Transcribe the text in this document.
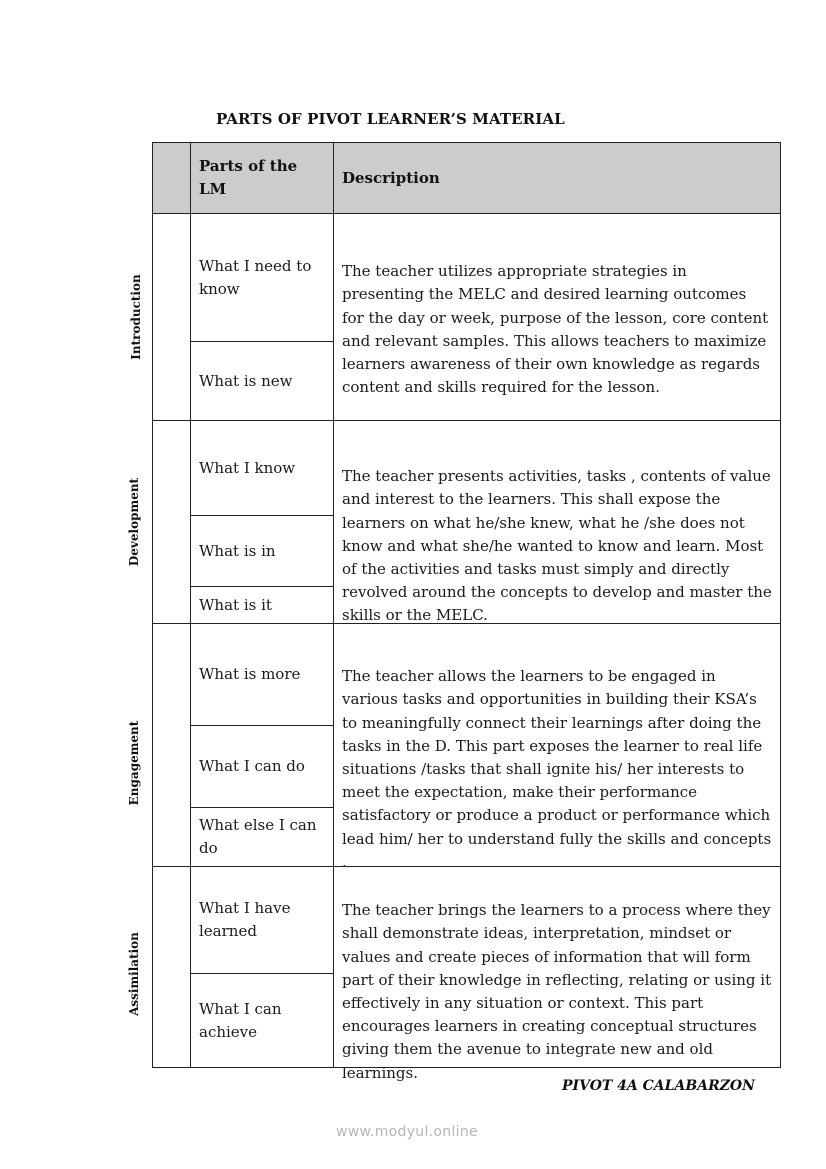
PARTS OF PIVOT LEARNER’S MATERIAL
Introduction
Development
Engagement
Assimilation
Parts of the LM
Description
What I need to know
What is new

The teacher utilizes appropriate strategies in presenting the MELC and desired learning outcomes for the day or week, purpose of the lesson, core content and relevant samples. This allows teachers to maximize learners awareness of their own knowledge as regards content and skills required for the lesson.

What I know
What is in
What is it

The teacher presents activities, tasks , contents of value and interest to the learners. This shall expose the learners on what he/she knew, what he /she does not know and what she/he wanted to know and learn. Most of the activities and tasks must simply and directly revolved around the concepts to develop and master the skills or the MELC.

What is more
What I can do
What else I can do

The teacher allows the learners to be engaged in various tasks and opportunities in building their KSA’s to meaningfully connect their learnings after doing the tasks in the D. This part exposes the learner to real life situations /tasks that shall ignite his/ her interests to meet the expectation, make their performance satisfactory or produce a product or performance which lead him/ her to understand fully the skills and concepts .

What I have learned
What I can achieve

The teacher brings the learners to a process where they shall demonstrate ideas, interpretation, mindset or values and create pieces of information that will form part of their knowledge in reflecting, relating or using it effectively in any situation or context. This part encourages learners in creating conceptual structures giving them the avenue to integrate new and old learnings.

PIVOT 4A CALABARZON
www.modyul.online
